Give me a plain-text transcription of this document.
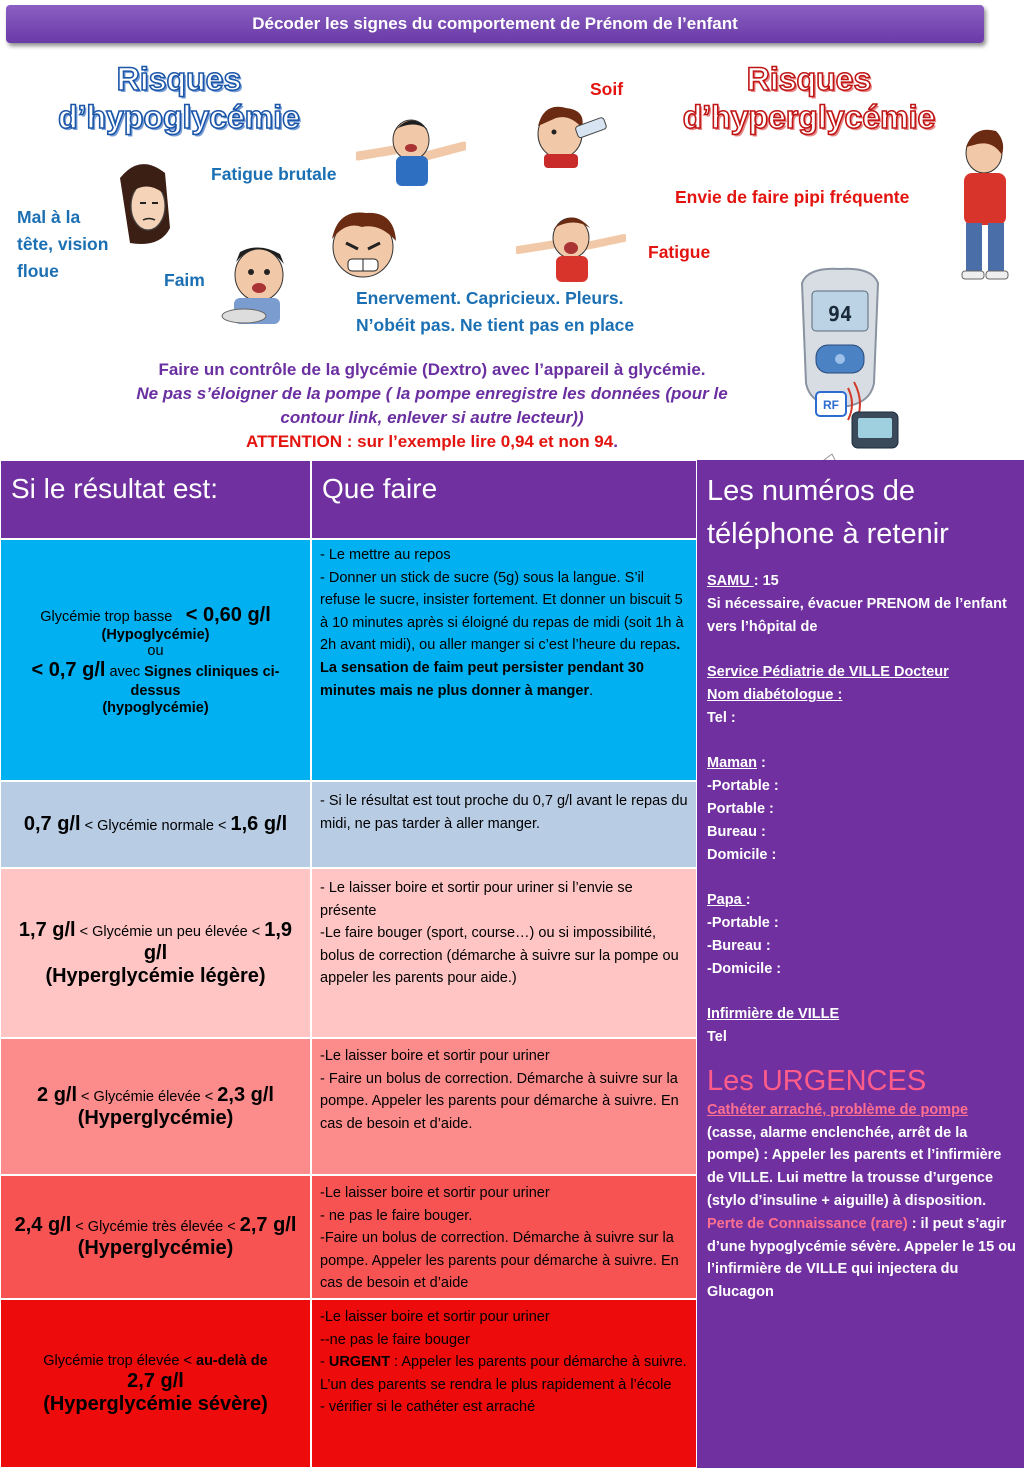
Décoder les signes du comportement de Prénom de l’enfant
Risques
d’hypoglycémie
Risques
d’hyperglycémie
94
RF
Mal à la
tête, vision
floue
Fatigue brutale
Faim
Enervement. Capricieux. Pleurs.
N’obéit pas. Ne tient pas en place
Soif
Envie de faire pipi fréquente
Fatigue
Faire un contrôle de la glycémie (Dextro) avec l’appareil à glycémie.
Ne pas s’éloigner de la pompe ( la pompe enregistre les données (pour le
contour link, enlever si autre lecteur))
ATTENTION : sur l’exemple lire 0,94 et non 94.
Si le résultat est:	Que faire
Glycémie trop basse < 0,60 g/l
(Hypoglycémie)
ou
< 0,7 g/l avec Signes cliniques ci-dessus
(hypoglycémie)
- Le mettre au repos
- Donner un stick de sucre (5g) sous la langue. S’il refuse le sucre, insister fortement. Et donner un biscuit 5 à 10 minutes après si éloigné du repas de midi (soit 1h à 2h avant midi), ou aller manger si c’est l’heure du repas.
La sensation de faim peut persister pendant 30 minutes mais ne plus donner à manger.
0,7 g/l < Glycémie normale < 1,6 g/l
- Si le résultat est tout proche du 0,7 g/l avant le repas du midi, ne pas tarder à aller manger.
1,7 g/l < Glycémie un peu élevée < 1,9 g/l
(Hyperglycémie légère)
- Le laisser boire et sortir pour uriner si l’envie se présente
-Le faire bouger (sport, course…) ou si impossibilité, bolus de correction (démarche à suivre sur la pompe ou appeler les parents pour aide.)
2 g/l < Glycémie élevée < 2,3 g/l
(Hyperglycémie)
-Le laisser boire et sortir pour uriner
- Faire un bolus de correction. Démarche à suivre sur la pompe. Appeler les parents pour démarche à suivre. En cas de besoin et d’aide.
2,4 g/l < Glycémie très élevée < 2,7 g/l
(Hyperglycémie)
-Le laisser boire et sortir pour uriner
- ne pas le faire bouger.
-Faire un bolus de correction. Démarche à suivre sur la pompe. Appeler les parents pour démarche à suivre. En cas de besoin et d’aide
Glycémie trop élevée < au-delà de
2,7 g/l
(Hyperglycémie sévère)
-Le laisser boire et sortir pour uriner
--ne pas le faire bouger
- URGENT : Appeler les parents pour démarche à suivre. L’un des parents se rendra le plus rapidement à l’école
- vérifier si le cathéter est arraché
Les numéros de téléphone à retenir
SAMU : 15
Si nécessaire, évacuer PRENOM de l’enfant vers l’hôpital de
Service Pédiatrie de VILLE Docteur
Nom diabétologue :
Tel :
Maman :
-Portable :
Portable :
Bureau :
Domicile :
Papa :
-Portable :
-Bureau :
-Domicile :
Infirmière de VILLE
Tel
Les URGENCES
Cathéter arraché, problème de pompe (casse, alarme enclenchée, arrêt de la pompe) : Appeler les parents et l’infirmière de VILLE. Lui mettre la trousse d’urgence (stylo d’insuline + aiguille) à disposition.
Perte de Connaissance (rare) : il peut s’agir d’une hypoglycémie sévère. Appeler le 15 ou l’infirmière de VILLE qui injectera du Glucagon
